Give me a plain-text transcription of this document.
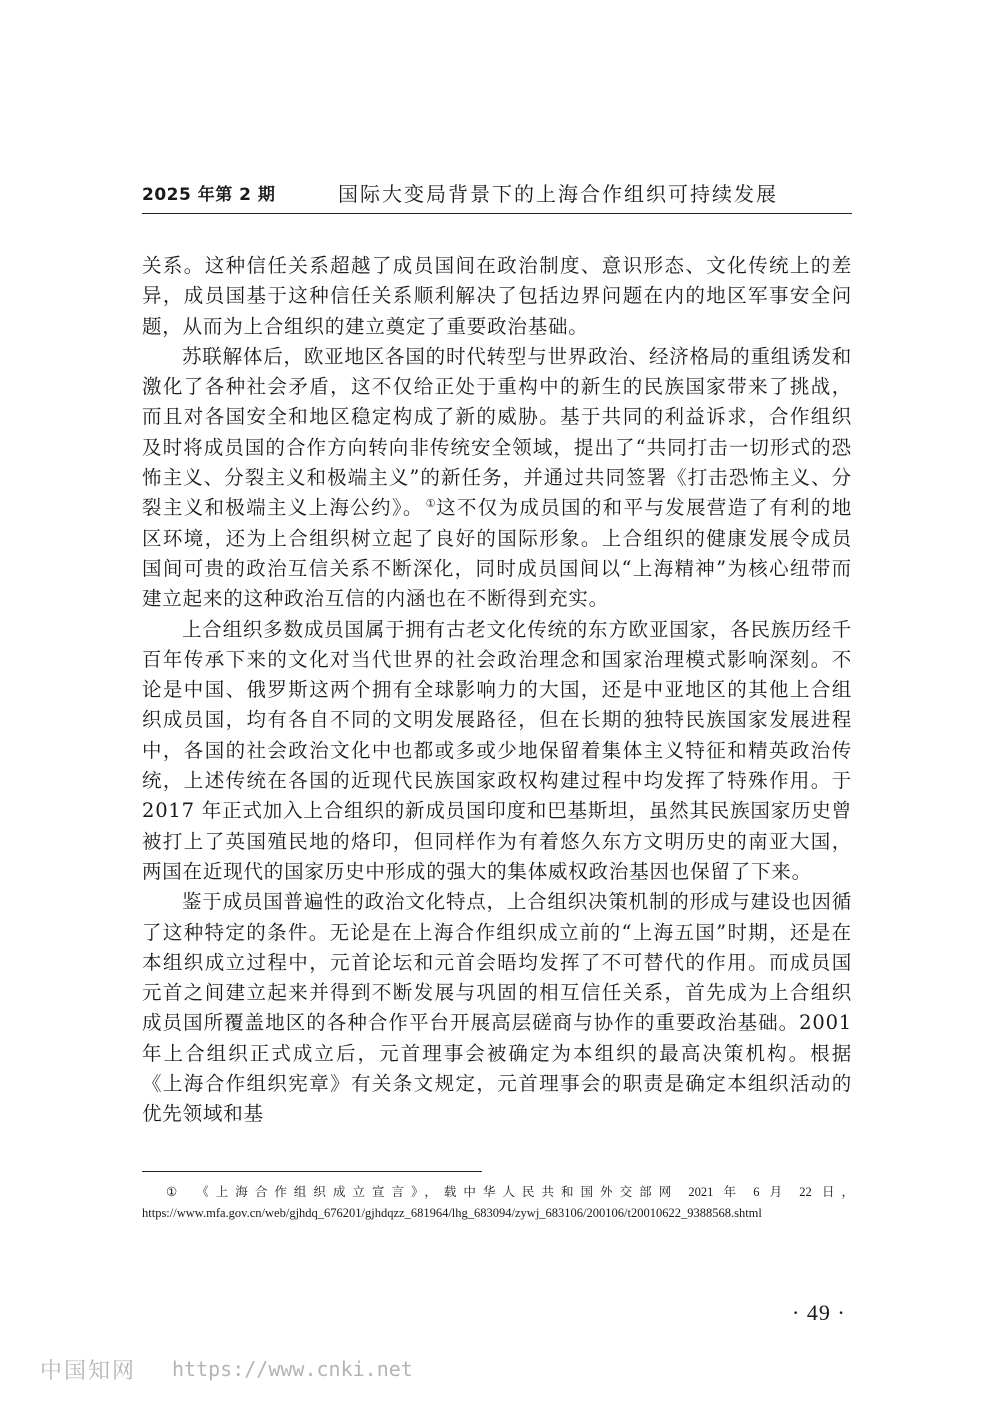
2025 年第 2 期	国际大变局背景下的上海合作组织可持续发展

关系。这种信任关系超越了成员国间在政治制度、意识形态、文化传统上的差异，成员国基于这种信任关系顺利解决了包括边界问题在内的地区军事安全问题，从而为上合组织的建立奠定了重要政治基础。

苏联解体后，欧亚地区各国的时代转型与世界政治、经济格局的重组诱发和激化了各种社会矛盾，这不仅给正处于重构中的新生的民族国家带来了挑战，而且对各国安全和地区稳定构成了新的威胁。基于共同的利益诉求，合作组织及时将成员国的合作方向转向非传统安全领域，提出了“共同打击一切形式的恐怖主义、分裂主义和极端主义”的新任务，并通过共同签署《打击恐怖主义、分裂主义和极端主义上海公约》。 ①这不仅为成员国的和平与发展营造了有利的地区环境，还为上合组织树立起了良好的国际形象。上合组织的健康发展令成员国间可贵的政治互信关系不断深化，同时成员国间以“上海精神”为核心纽带而建立起来的这种政治互信的内涵也在不断得到充实。

上合组织多数成员国属于拥有古老文化传统的东方欧亚国家，各民族历经千百年传承下来的文化对当代世界的社会政治理念和国家治理模式影响深刻。不论是中国、俄罗斯这两个拥有全球影响力的大国，还是中亚地区的其他上合组织成员国，均有各自不同的文明发展路径，但在长期的独特民族国家发展进程中，各国的社会政治文化中也都或多或少地保留着集体主义特征和精英政治传统，上述传统在各国的近现代民族国家政权构建过程中均发挥了特殊作用。于 2017 年正式加入上合组织的新成员国印度和巴基斯坦，虽然其民族国家历史曾被打上了英国殖民地的烙印，但同样作为有着悠久东方文明历史的南亚大国，两国在近现代的国家历史中形成的强大的集体威权政治基因也保留了下来。

鉴于成员国普遍性的政治文化特点，上合组织决策机制的形成与建设也因循了这种特定的条件。无论是在上海合作组织成立前的“上海五国”时期，还是在本组织成立过程中，元首论坛和元首会晤均发挥了不可替代的作用。而成员国元首之间建立起来并得到不断发展与巩固的相互信任关系，首先成为上合组织成员国所覆盖地区的各种合作平台开展高层磋商与协作的重要政治基础。2001 年上合组织正式成立后，元首理事会被确定为本组织的最高决策机构。根据《上海合作组织宪章》有关条文规定，元首理事会的职责是确定本组织活动的优先领域和基

① 《上海合作组织成立宣言》，载中华人民共和国外交部网 2021 年 6 月 22 日，https://www.mfa.gov.cn/web/gjhdq_676201/gjhdqzz_681964/lhg_683094/zywj_683106/200106/t20010622_9388568.shtml
· 49 ·
中国知网 https://www.cnki.net
